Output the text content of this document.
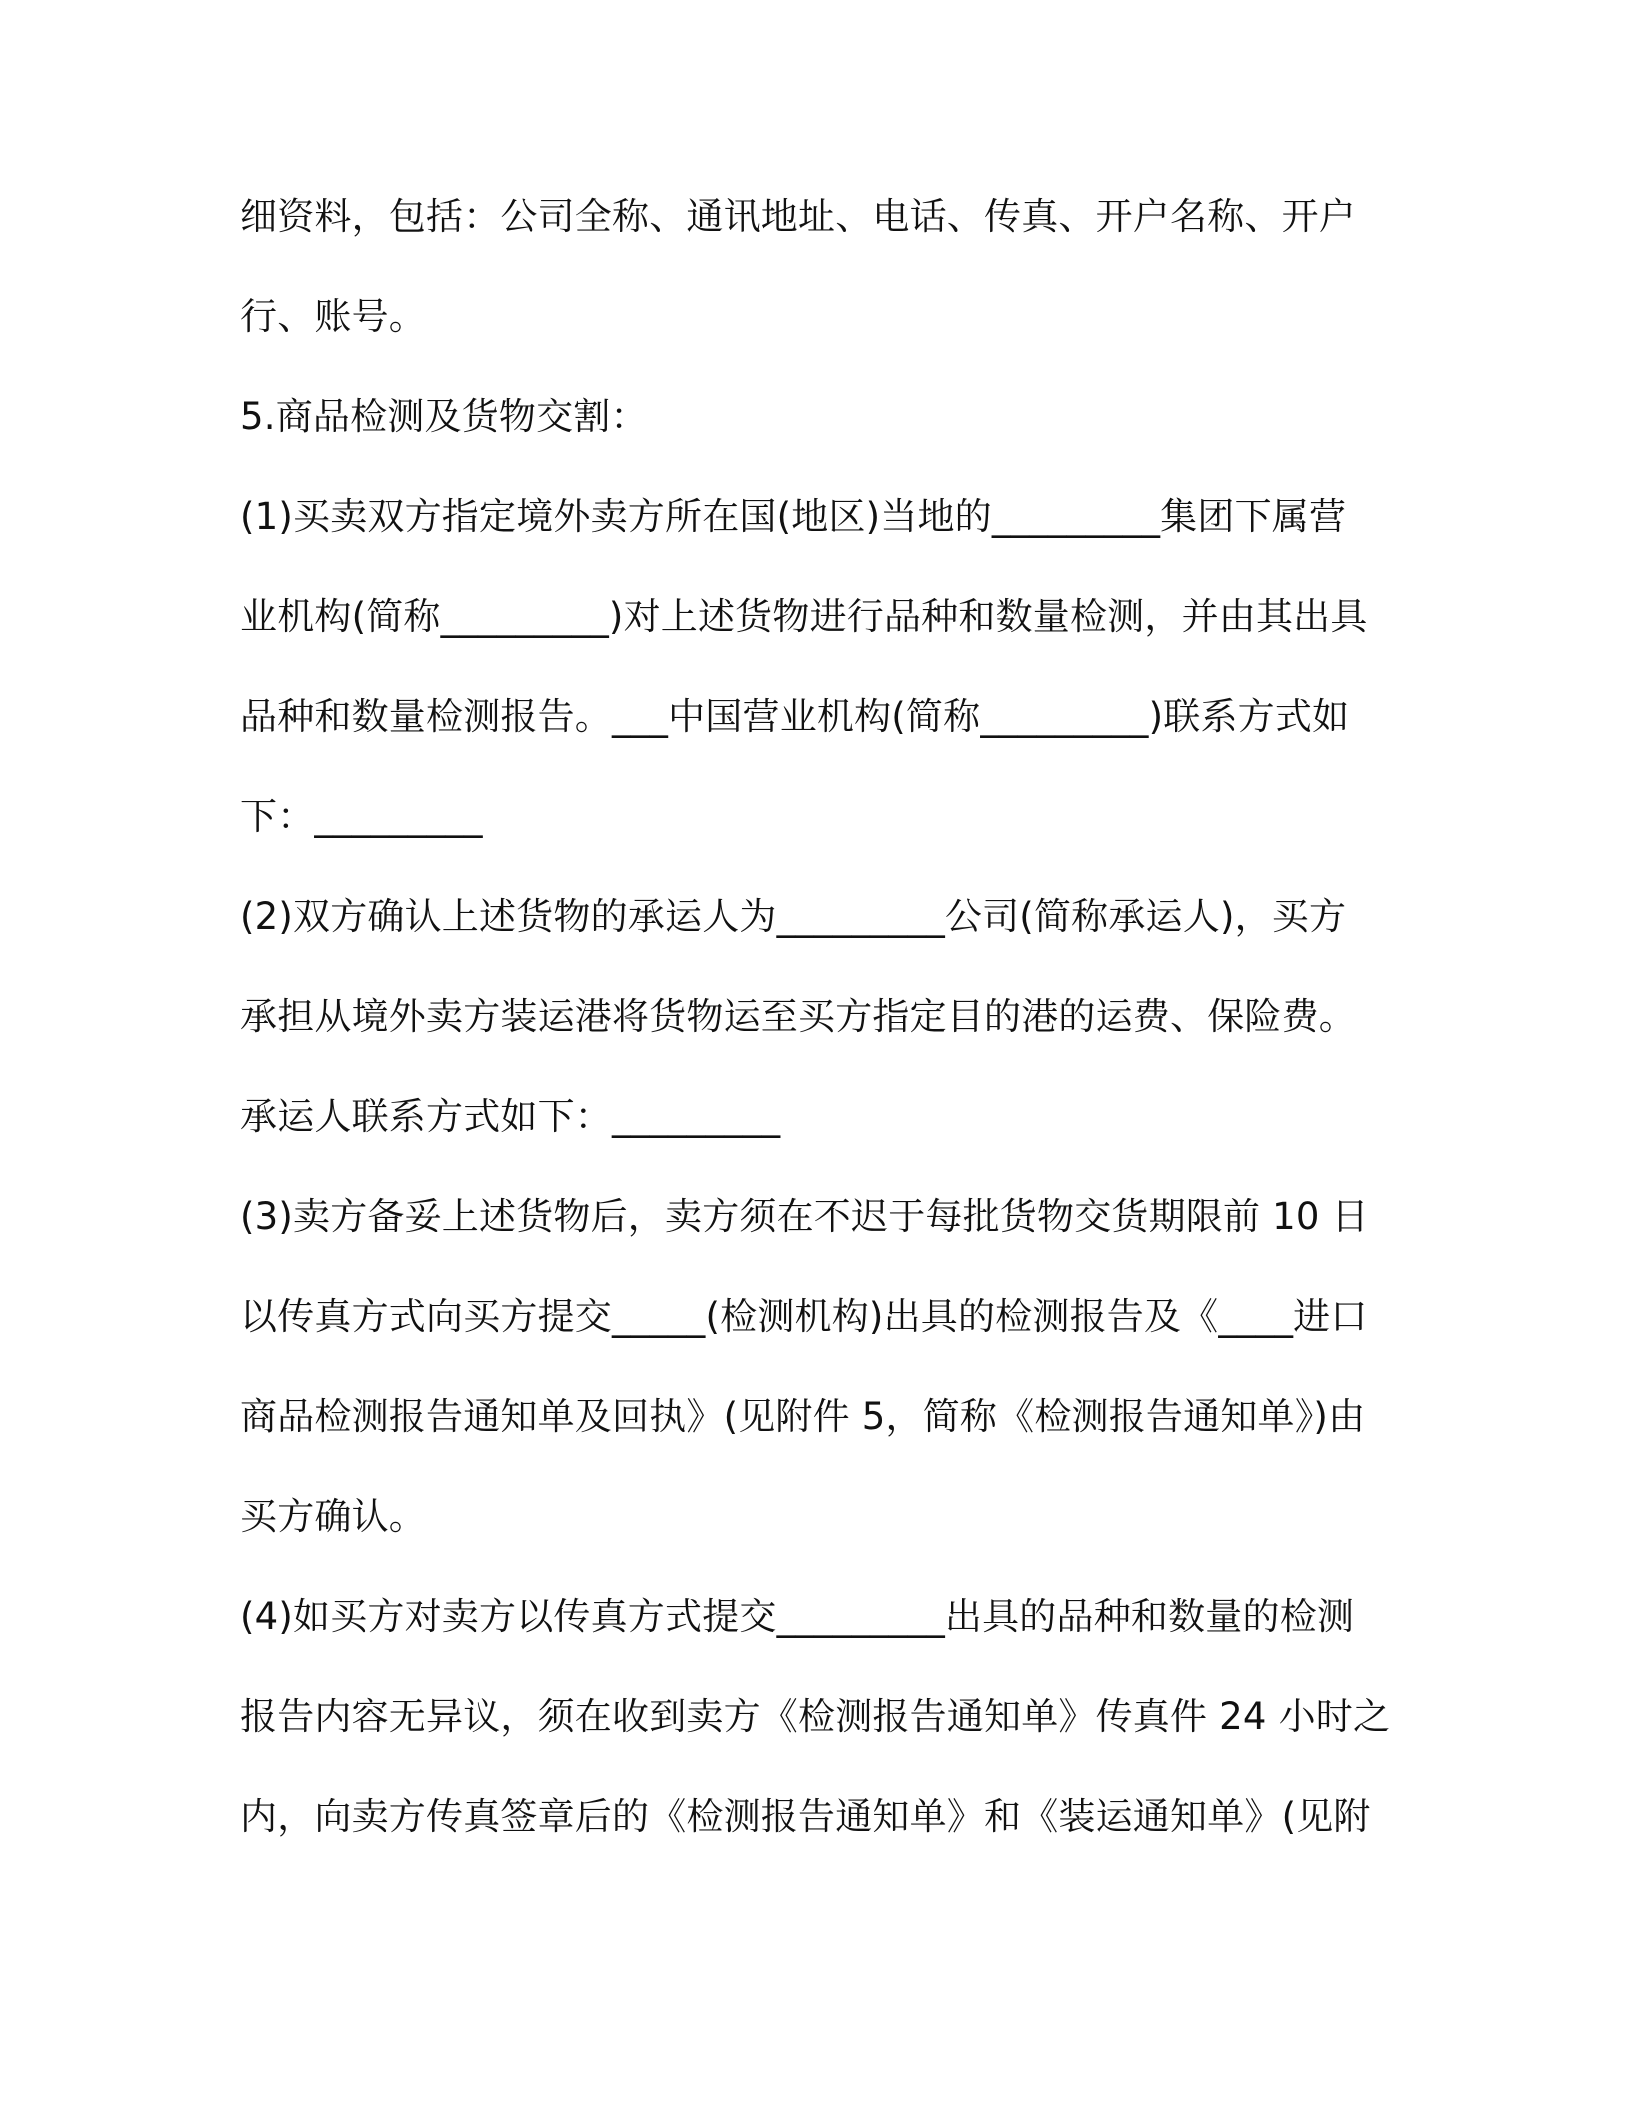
细资料，包括：公司全称、通讯地址、电话、传真、开户名称、开户
行、账号。
5.商品检测及货物交割：
(1)买卖双方指定境外卖方所在国(地区)当地的_________集团下属营
业机构(简称_________)对上述货物进行品种和数量检测，并由其出具
品种和数量检测报告。___中国营业机构(简称_________)联系方式如
下：_________
(2)双方确认上述货物的承运人为_________公司(简称承运人)，买方
承担从境外卖方装运港将货物运至买方指定目的港的运费、保险费。
承运人联系方式如下：_________
(3)卖方备妥上述货物后，卖方须在不迟于每批货物交货期限前 10 日
以传真方式向买方提交_____(检测机构)出具的检测报告及《____进口
商品检测报告通知单及回执》(见附件 5，简称《检测报告通知单》)由
买方确认。
(4)如买方对卖方以传真方式提交_________出具的品种和数量的检测
报告内容无异议，须在收到卖方《检测报告通知单》传真件 24 小时之
内，向卖方传真签章后的《检测报告通知单》和《装运通知单》(见附
